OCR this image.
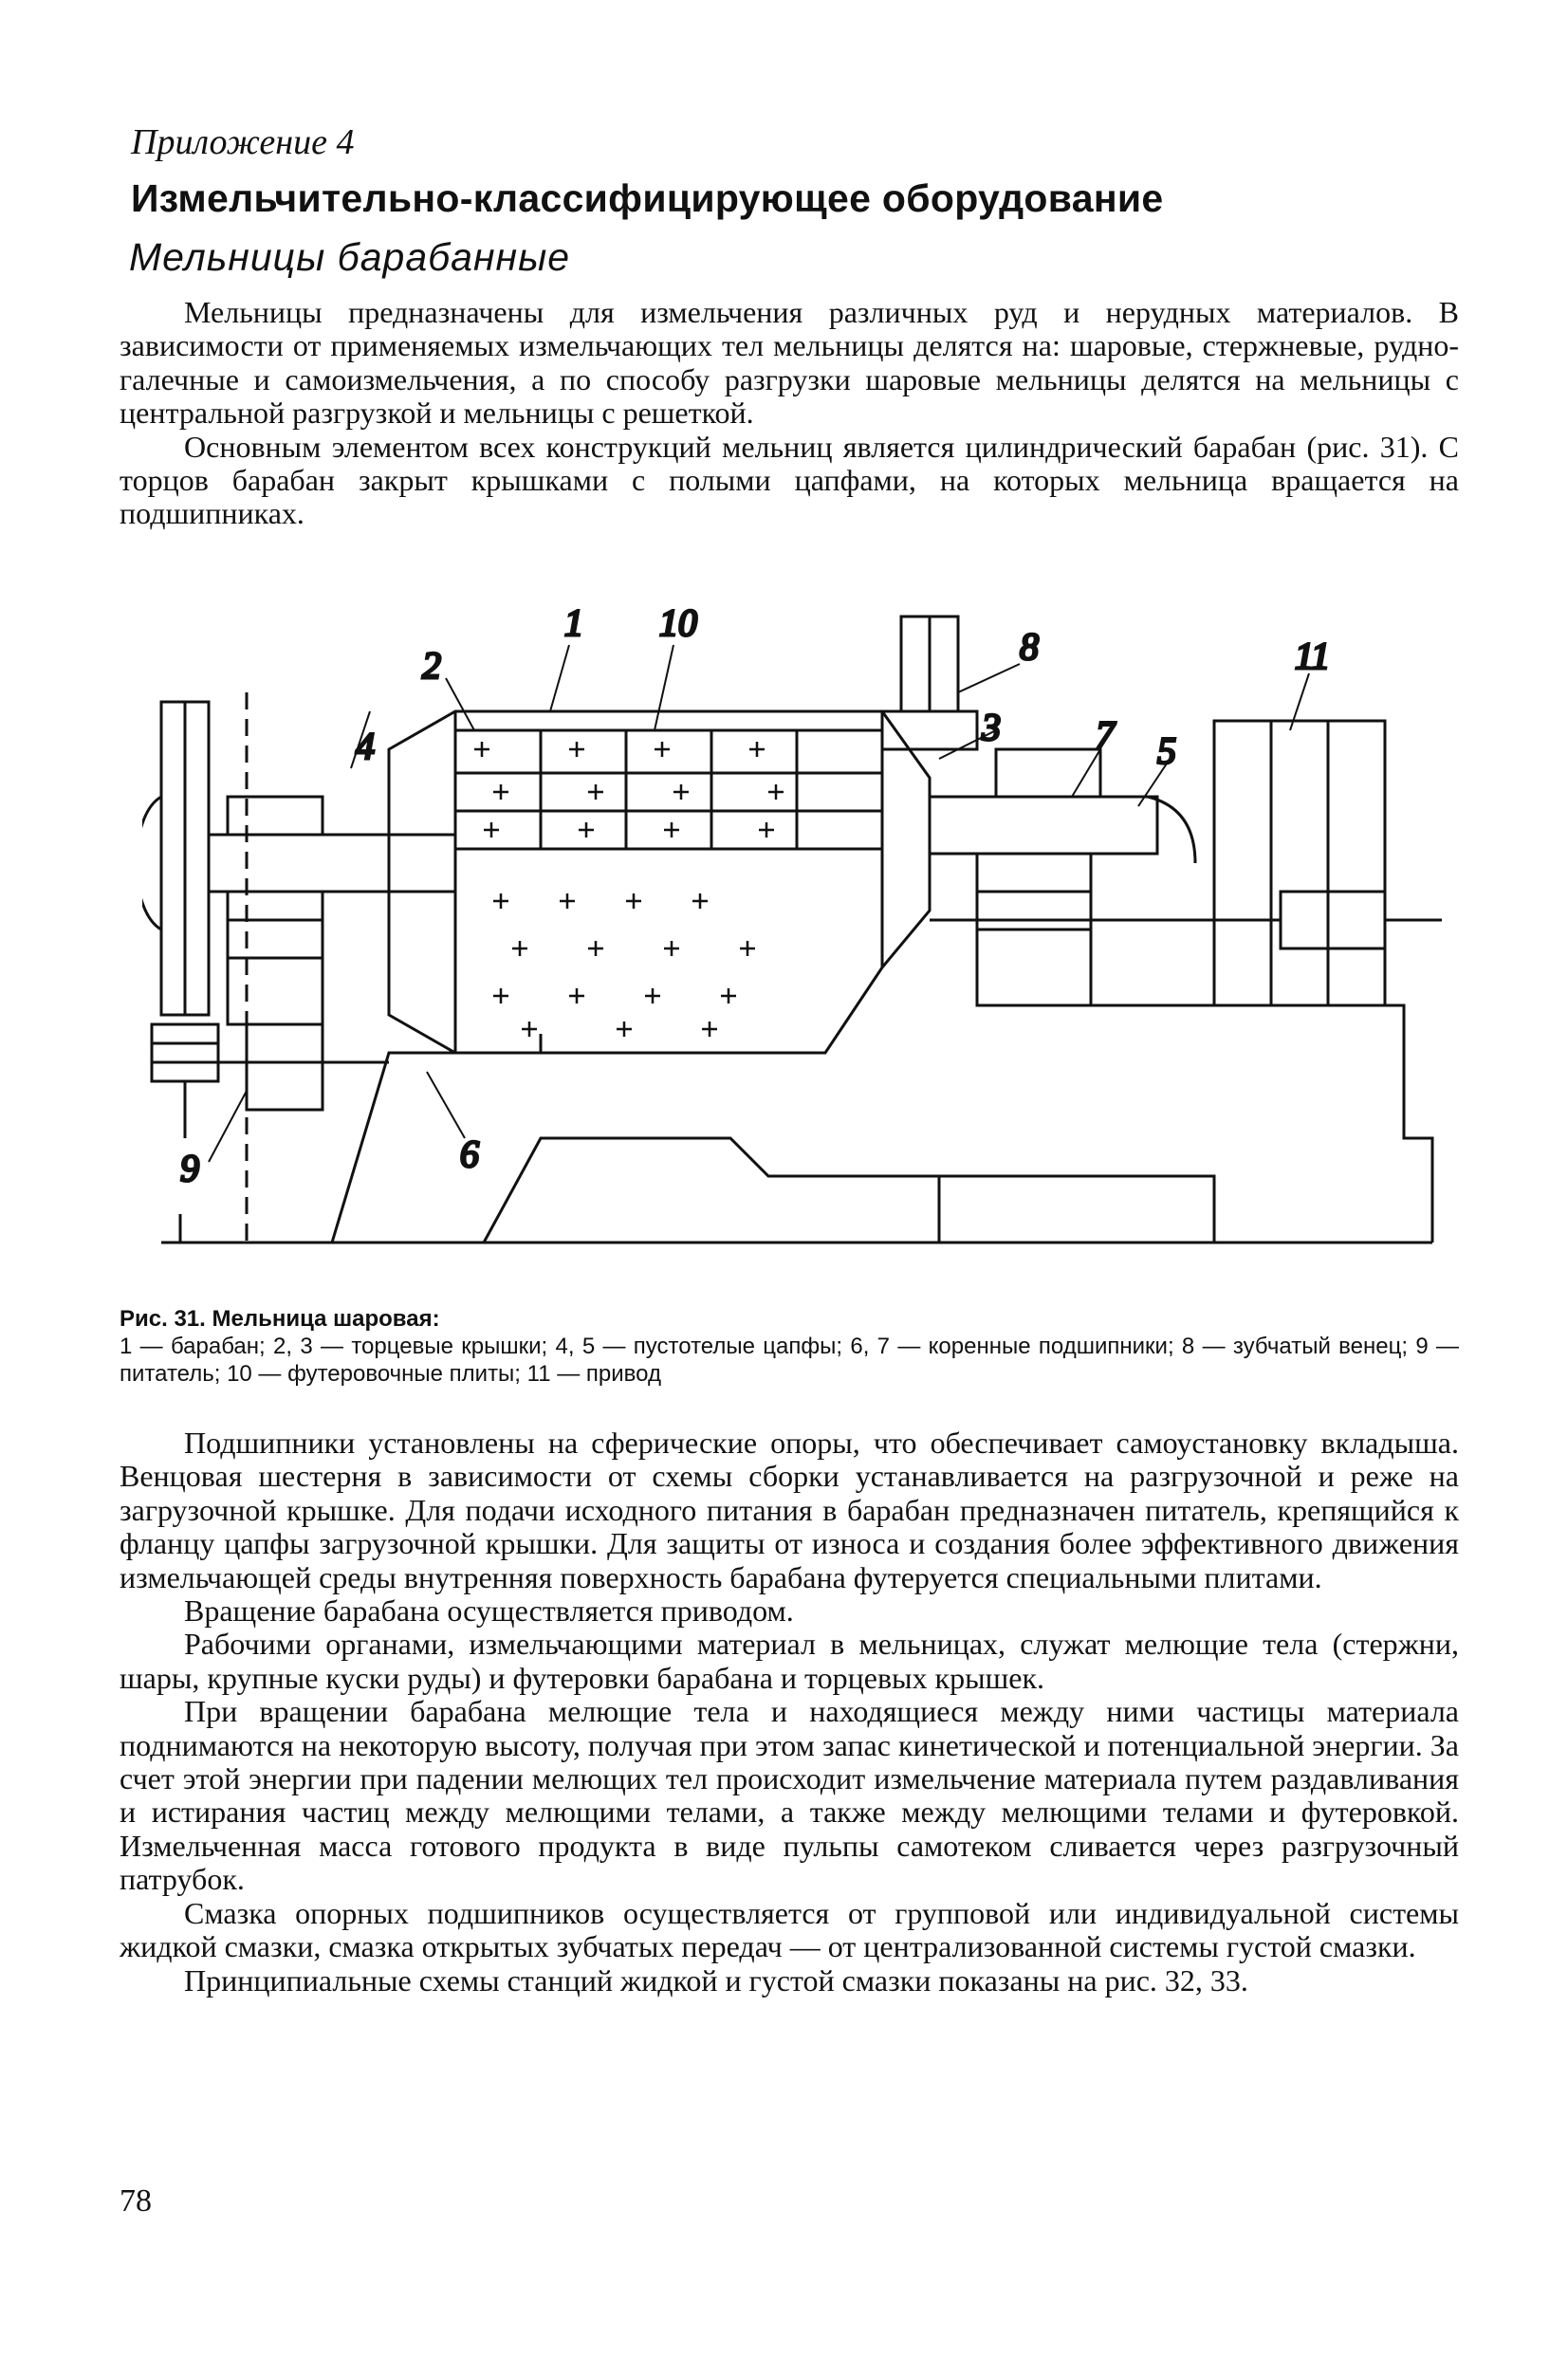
Приложение 4
Измельчительно-классифицирующее оборудование
Мельницы барабанные

Мельницы предназначены для измельчения различных руд и нерудных материалов. В зависимости от применяемых измельчающих тел мельницы делятся на: шаровые, стержневые, рудно-галечные и самоизмельчения, а по способу разгрузки шаровые мельницы делятся на мельницы с центральной разгрузкой и мельницы с решеткой.

Основным элементом всех конструкций мельниц является цилиндрический барабан (рис. 31). С торцов барабан закрыт крышками с полыми цапфами, на которых мельница вращается на подшипниках.

1
2
3
4	5
6
7
8
9
10
11
Рис. 31. Мельница шаровая:
1 — барабан; 2, 3 — торцевые крышки; 4, 5 — пустотелые цапфы; 6, 7 — коренные подшипники; 8 — зубчатый венец; 9 — питатель; 10 — футеровочные плиты; 11 — привод

Подшипники установлены на сферические опоры, что обеспечивает самоустановку вкладыша. Венцовая шестерня в зависимости от схемы сборки устанавливается на разгрузочной и реже на загрузочной крышке. Для подачи исходного питания в барабан предназначен питатель, крепящийся к фланцу цапфы загрузочной крышки. Для защиты от износа и создания более эффективного движения измельчающей среды внутренняя поверхность барабана футеруется специальными плитами.

Вращение барабана осуществляется приводом.

Рабочими органами, измельчающими материал в мельницах, служат мелющие тела (стержни, шары, крупные куски руды) и футеровки барабана и торцевых крышек.

При вращении барабана мелющие тела и находящиеся между ними частицы материала поднимаются на некоторую высоту, получая при этом запас кинетической и потенциальной энергии. За счет этой энергии при падении мелющих тел происходит измельчение материала путем раздавливания и истирания частиц между мелющими телами, а также между мелющими телами и футеровкой. Измельченная масса готового продукта в виде пульпы самотеком сливается через разгрузочный патрубок.

Смазка опорных подшипников осуществляется от групповой или индивидуальной системы жидкой смазки, смазка открытых зубчатых передач — от централизованной системы густой смазки.

Принципиальные схемы станций жидкой и густой смазки показаны на рис. 32, 33.

78
